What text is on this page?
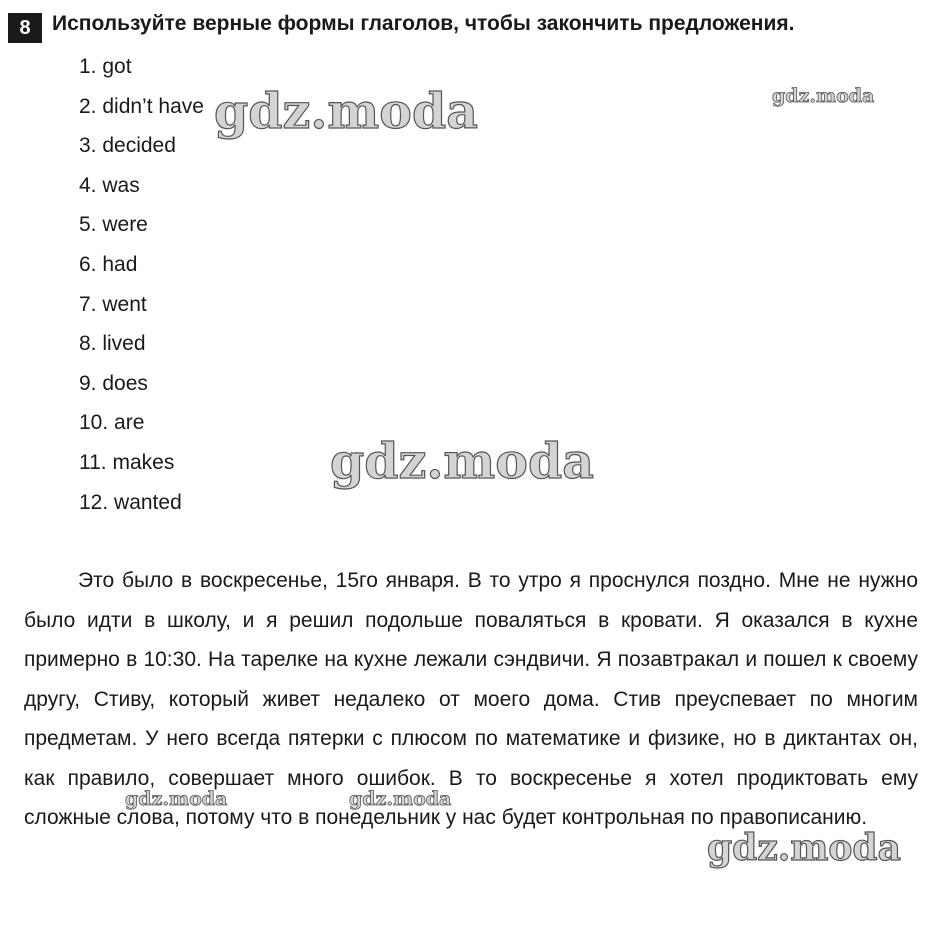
8	Используйте верные формы глаголов, чтобы закончить предложения.
1. got
2. didn’t have
3. decided
4. was
5. were
6. had
7. went
8. lived
9. does
10. are
11. makes
12. wanted

Это было в воскресенье, 15го января. В то утро я проснулся поздно. Мне не нужно было идти в школу, и я решил подольше поваляться в кровати. Я оказался в кухне примерно в 10:30. На тарелке на кухне лежали сэндвичи. Я позавтракал и пошел к своему другу, Стиву, который живет недалеко от моего дома. Стив преуспевает по многим предметам. У него всегда пятерки с плюсом по математике и физике, но в диктантах он, как правило, совершает много ошибок. В то воскресенье я хотел продиктовать ему сложные слова, потому что в понедельник у нас будет контрольная по правописанию.

gdz.moda	gdz.moda
gdz.moda
gdz.moda	gdz.moda
gdz.moda
